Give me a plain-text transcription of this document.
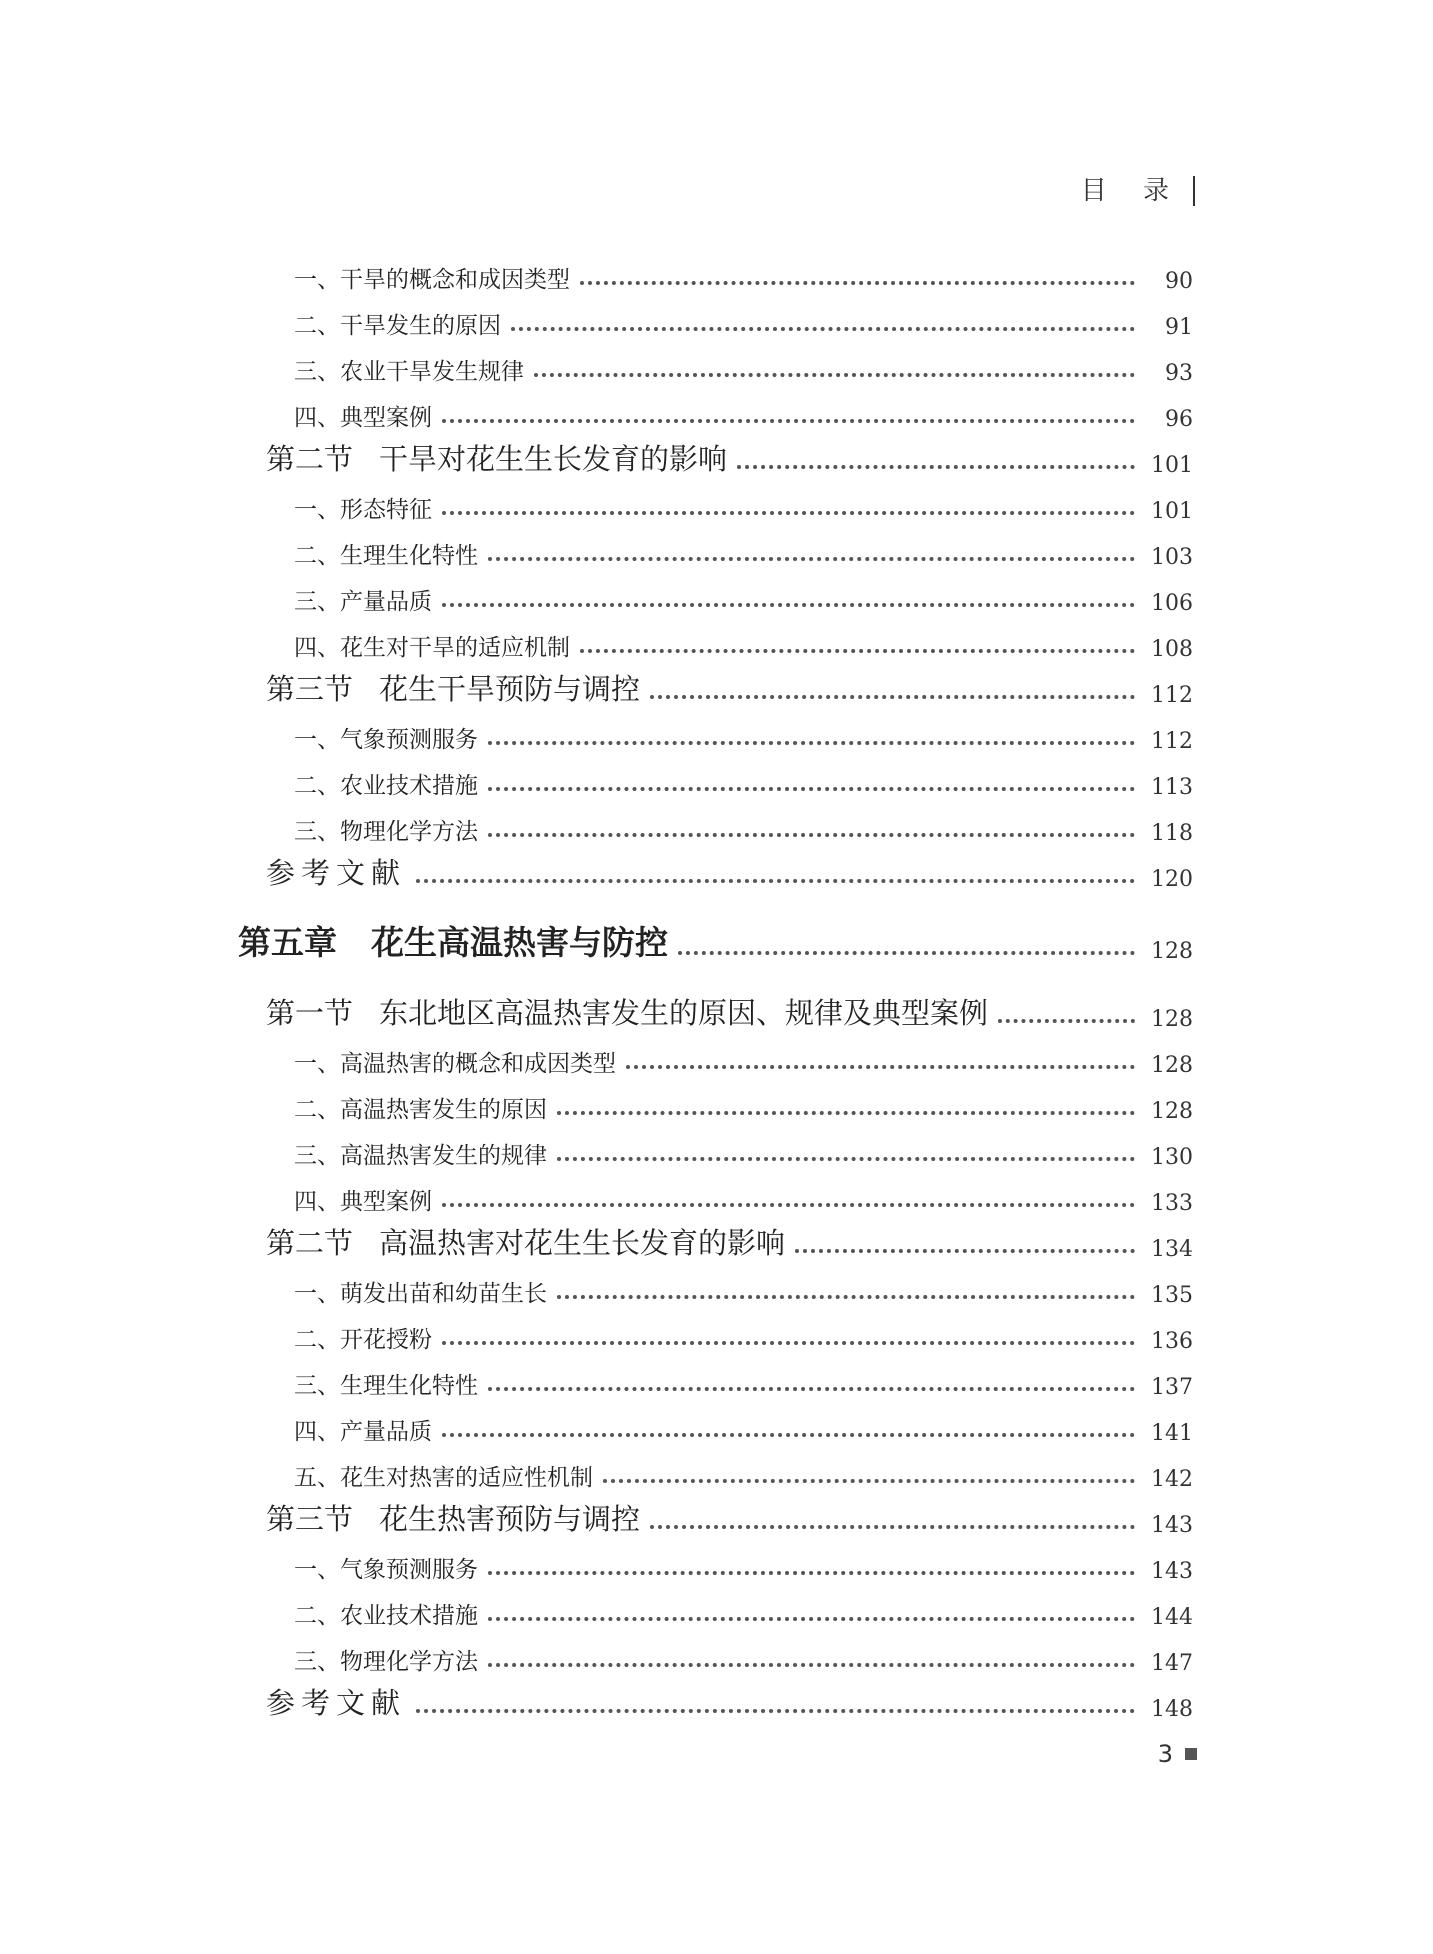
目 录
一、干旱的概念和成因类型	90
二、干旱发生的原因	91
三、农业干旱发生规律	93
四、典型案例	96
第二节 干旱对花生生长发育的影响	101
一、形态特征	101
二、生理生化特性	103
三、产量品质	106
四、花生对干旱的适应机制	108
第三节 花生干旱预防与调控	112
一、气象预测服务	112
二、农业技术措施	113
三、物理化学方法	118
参考文献	120
第五章 花生高温热害与防控	128
第一节 东北地区高温热害发生的原因、规律及典型案例	128
一、高温热害的概念和成因类型	128
二、高温热害发生的原因	128
三、高温热害发生的规律	130
四、典型案例	133
第二节 高温热害对花生生长发育的影响	134
一、萌发出苗和幼苗生长	135
二、开花授粉	136
三、生理生化特性	137
四、产量品质	141
五、花生对热害的适应性机制	142
第三节 花生热害预防与调控	143
一、气象预测服务	143
二、农业技术措施	144
三、物理化学方法	147
参考文献	148
3
